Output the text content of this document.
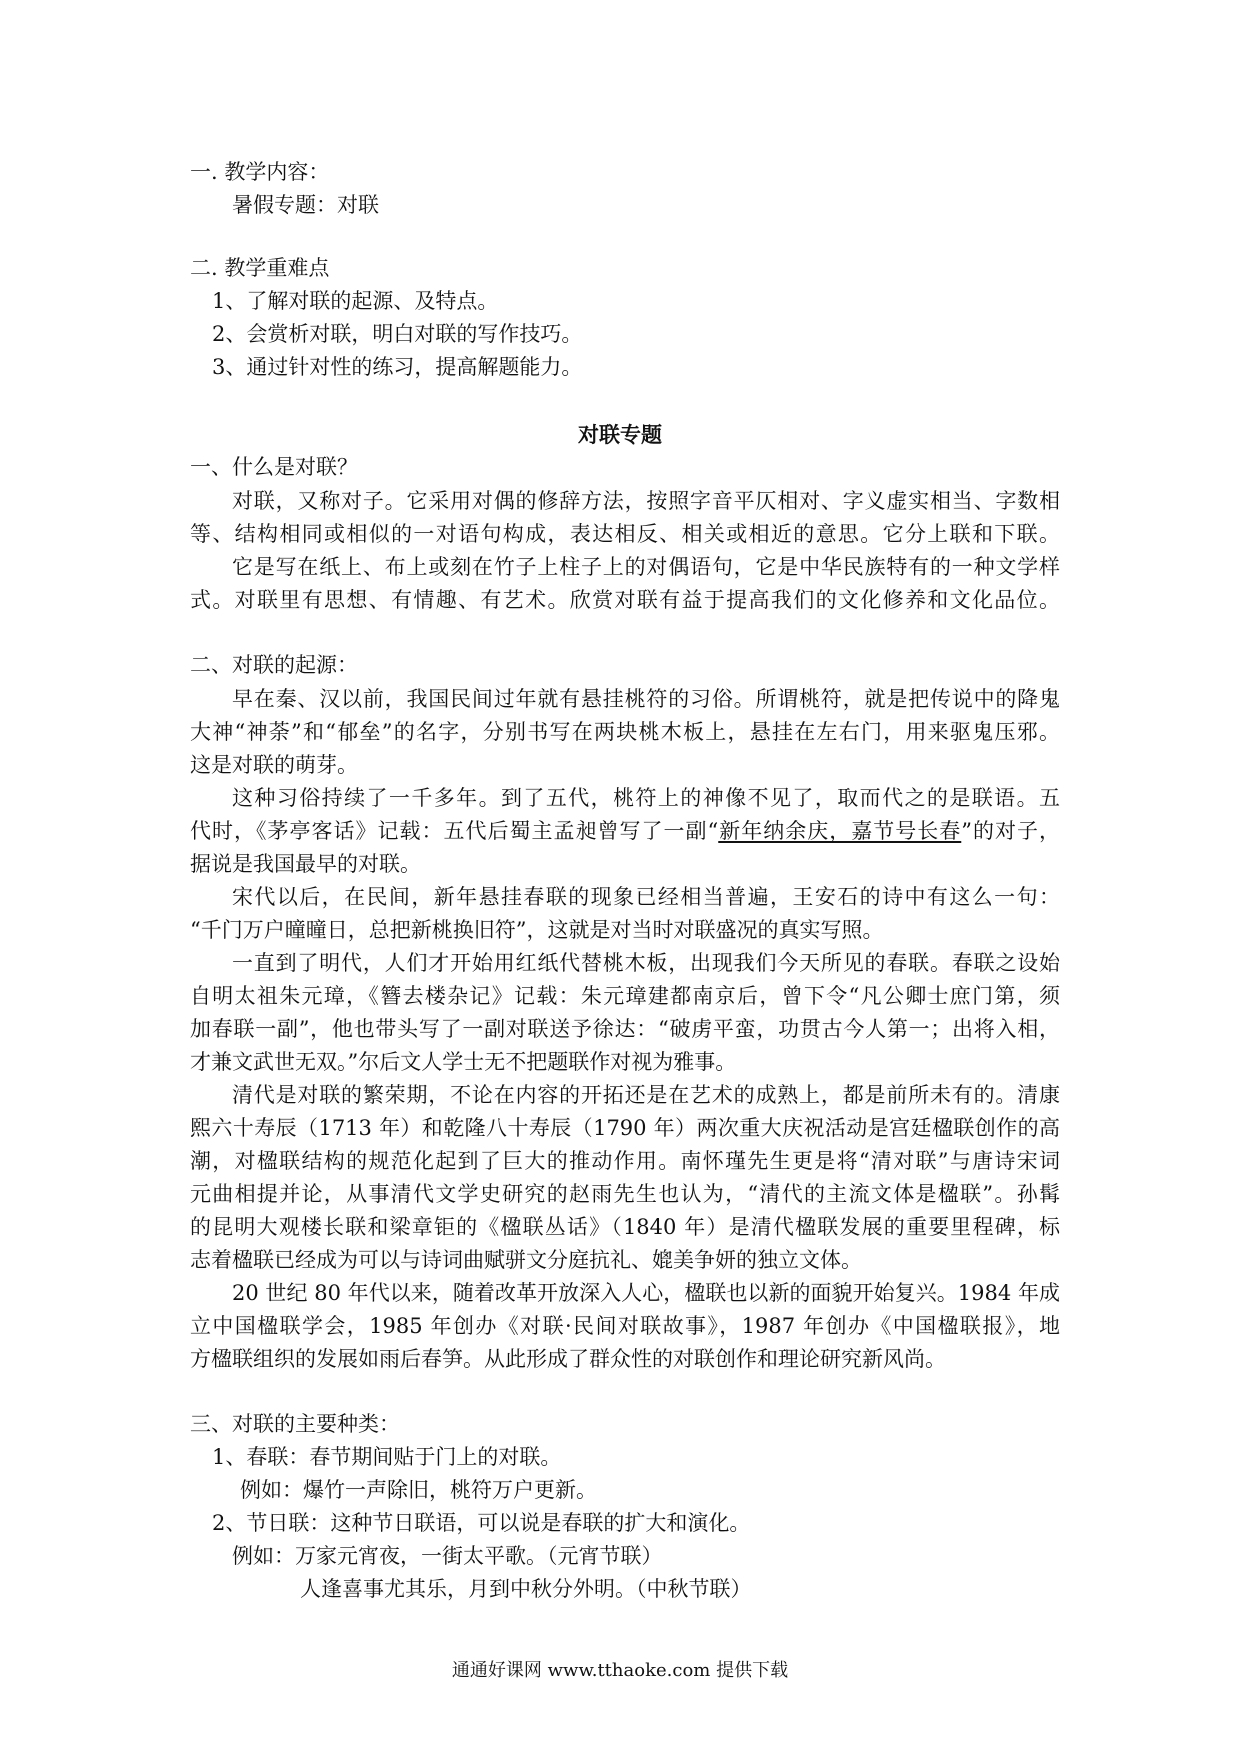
一. 教学内容：
暑假专题：对联
二. 教学重难点
1、了解对联的起源、及特点。
2、会赏析对联，明白对联的写作技巧。
3、通过针对性的练习，提高解题能力。
对联专题
一、什么是对联？
对联，又称对子。它采用对偶的修辞方法，按照字音平仄相对、字义虚实相当、字数相
等、结构相同或相似的一对语句构成，表达相反、相关或相近的意思。它分上联和下联。
它是写在纸上、布上或刻在竹子上柱子上的对偶语句，它是中华民族特有的一种文学样
式。对联里有思想、有情趣、有艺术。欣赏对联有益于提高我们的文化修养和文化品位。
二、对联的起源：
早在秦、汉以前，我国民间过年就有悬挂桃符的习俗。所谓桃符，就是把传说中的降鬼
大神“神荼”和“郁垒”的名字，分别书写在两块桃木板上，悬挂在左右门，用来驱鬼压邪。
这是对联的萌芽。
这种习俗持续了一千多年。到了五代，桃符上的神像不见了，取而代之的是联语。五
代时，《茅亭客话》记载：五代后蜀主孟昶曾写了一副“新年纳余庆，嘉节号长春”的对子，
据说是我国最早的对联。
宋代以后，在民间，新年悬挂春联的现象已经相当普遍，王安石的诗中有这么一句：
“千门万户曈曈日，总把新桃换旧符”，这就是对当时对联盛况的真实写照。
一直到了明代，人们才开始用红纸代替桃木板，出现我们今天所见的春联。春联之设始
自明太祖朱元璋，《簪去楼杂记》记载：朱元璋建都南京后，曾下令“凡公卿士庶门第，须
加春联一副”，他也带头写了一副对联送予徐达：“破虏平蛮，功贯古今人第一；出将入相，
才兼文武世无双。”尔后文人学士无不把题联作对视为雅事。
清代是对联的繁荣期，不论在内容的开拓还是在艺术的成熟上，都是前所未有的。清康
熙六十寿辰（1713 年）和乾隆八十寿辰（1790 年）两次重大庆祝活动是宫廷楹联创作的高
潮，对楹联结构的规范化起到了巨大的推动作用。南怀瑾先生更是将“清对联”与唐诗宋词
元曲相提并论，从事清代文学史研究的赵雨先生也认为，“清代的主流文体是楹联”。孙髯
的昆明大观楼长联和梁章钜的《楹联丛话》（1840 年）是清代楹联发展的重要里程碑，标
志着楹联已经成为可以与诗词曲赋骈文分庭抗礼、媲美争妍的独立文体。
20 世纪 80 年代以来，随着改革开放深入人心，楹联也以新的面貌开始复兴。1984 年成
立中国楹联学会，1985 年创办《对联·民间对联故事》，1987 年创办《中国楹联报》，地
方楹联组织的发展如雨后春笋。从此形成了群众性的对联创作和理论研究新风尚。
三、对联的主要种类：
1、春联：春节期间贴于门上的对联。
例如：爆竹一声除旧，桃符万户更新。
2、节日联：这种节日联语，可以说是春联的扩大和演化。
例如：万家元宵夜，一街太平歌。（元宵节联）
人逢喜事尤其乐，月到中秋分外明。（中秋节联）
通通好课网 www.tthaoke.com 提供下载
